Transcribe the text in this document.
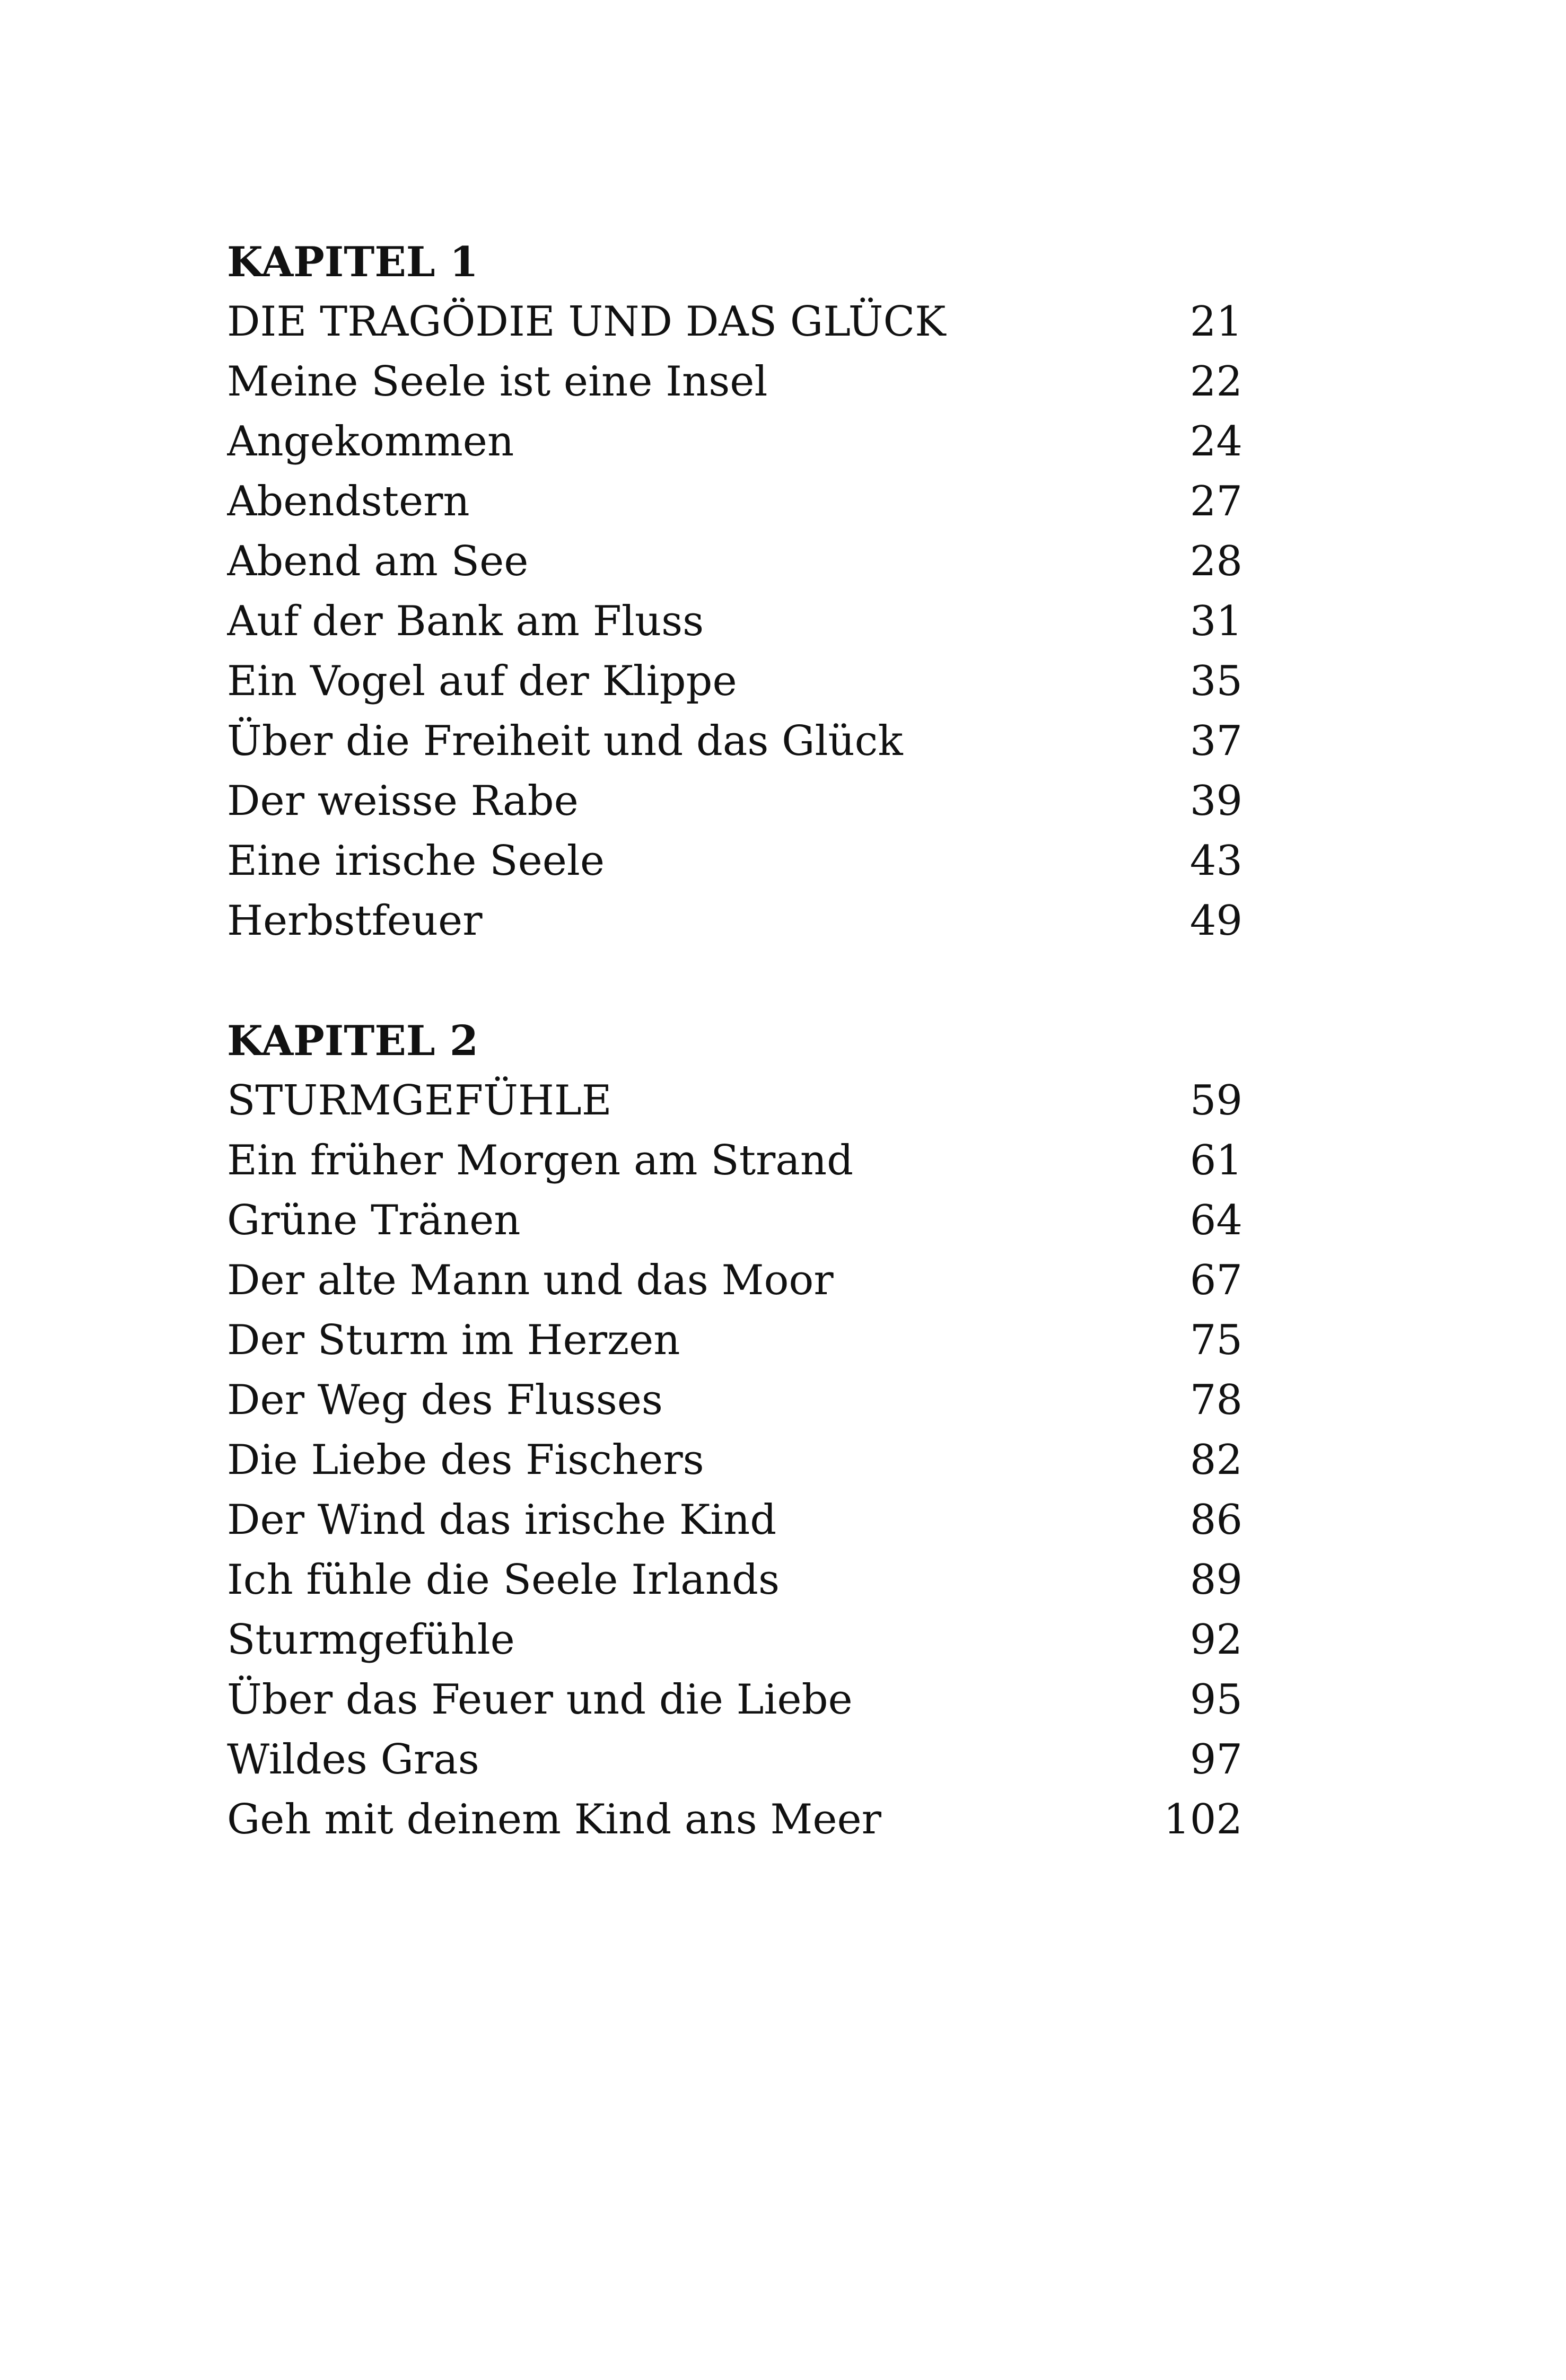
KAPITEL 1
DIE TRAGÖDIE UND DAS GLÜCK	21
Meine Seele ist eine Insel	22
Angekommen	24
Abendstern	27
Abend am See	28
Auf der Bank am Fluss	31
Ein Vogel auf der Klippe	35
Über die Freiheit und das Glück	37
Der weisse Rabe	39
Eine irische Seele	43
Herbstfeuer	49
KAPITEL 2
STURMGEFÜHLE	59
Ein früher Morgen am Strand	61
Grüne Tränen	64
Der alte Mann und das Moor	67
Der Sturm im Herzen	75
Der Weg des Flusses	78
Die Liebe des Fischers	82
Der Wind das irische Kind	86
Ich fühle die Seele Irlands	89
Sturmgefühle	92
Über das Feuer und die Liebe	95
Wildes Gras	97
Geh mit deinem Kind ans Meer	102
